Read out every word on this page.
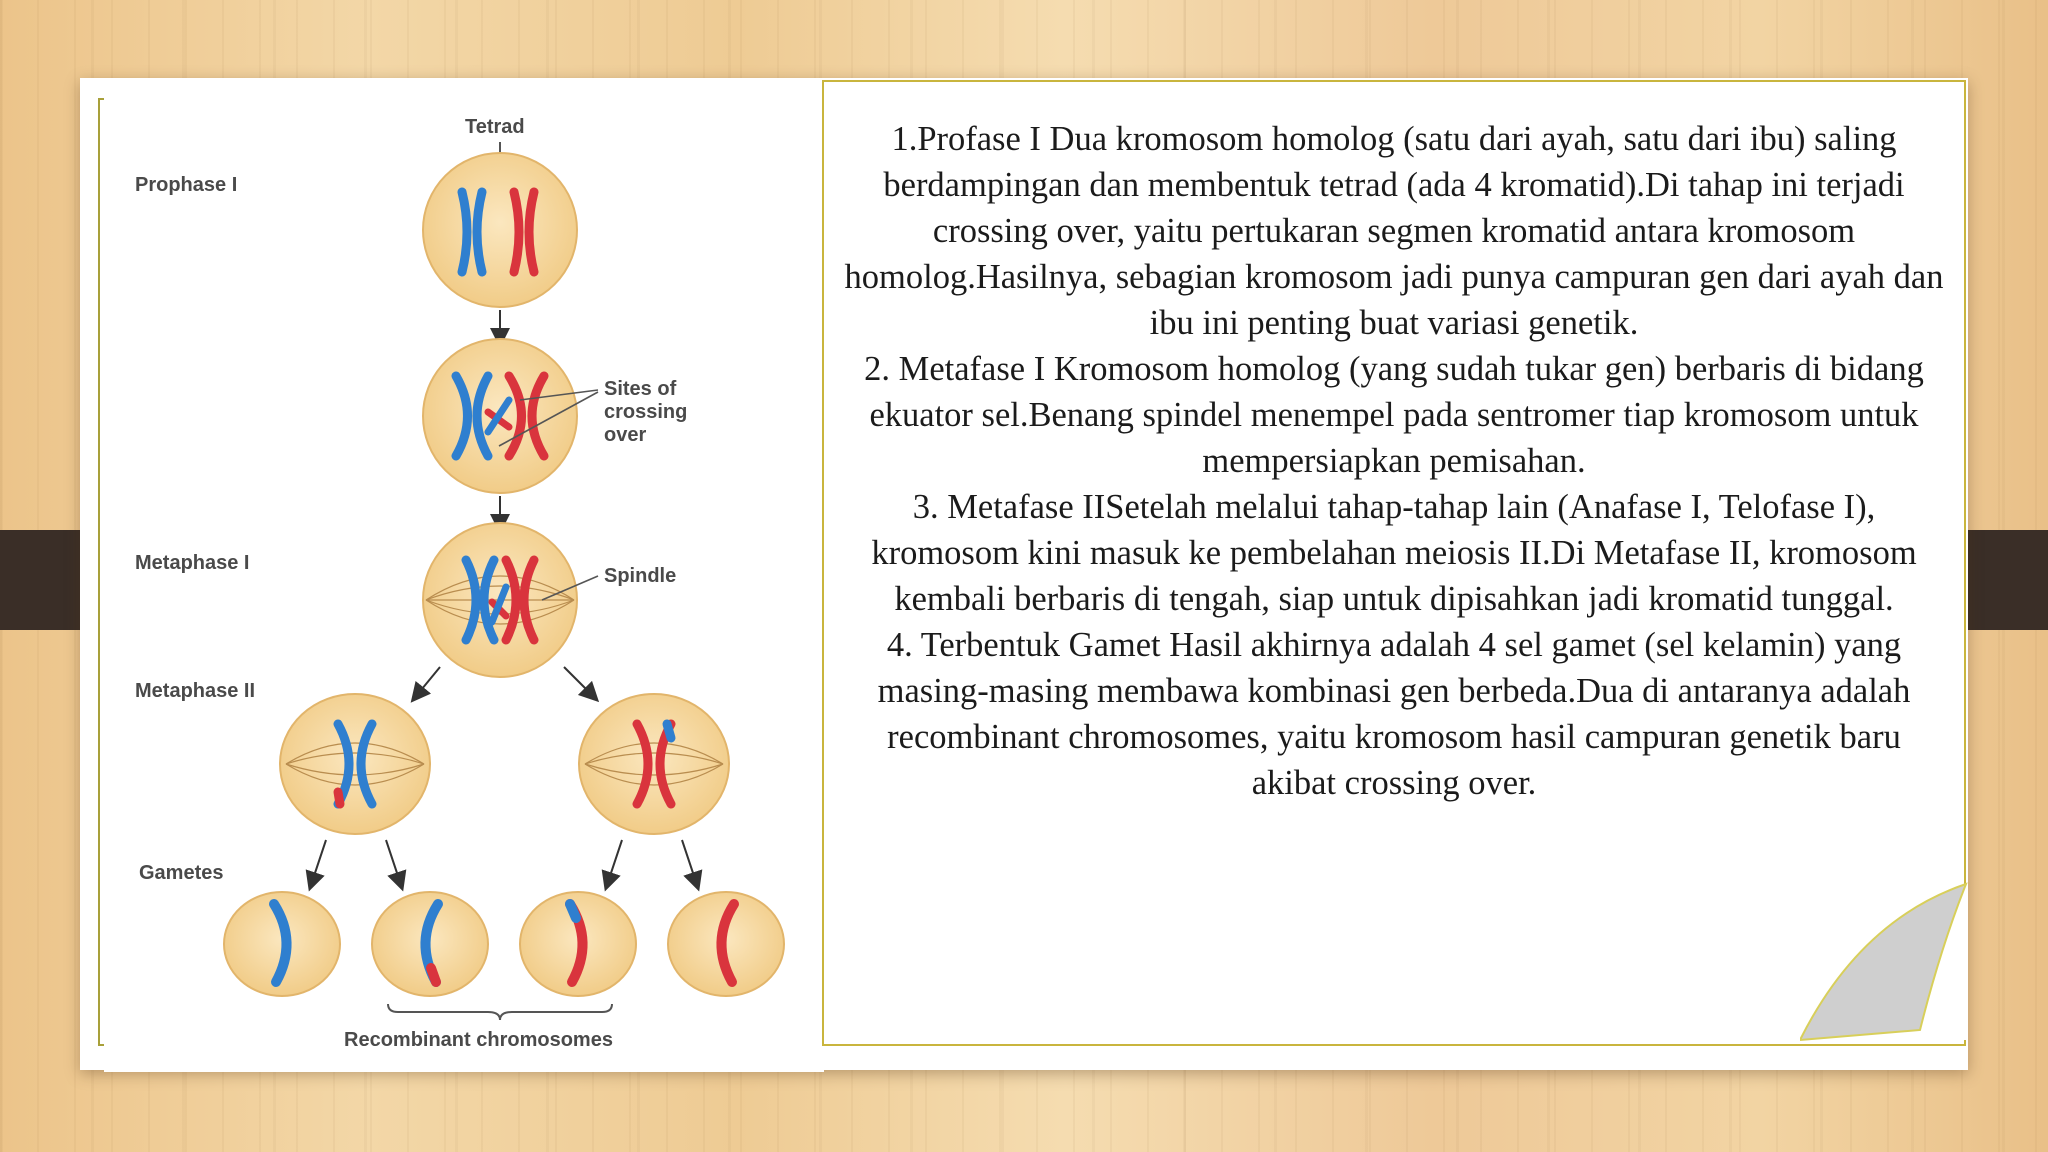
Prophase I
Tetrad
Metaphase I
Metaphase II
Gametes
Sites of
crossing
over
Spindle
Recombinant chromosomes

1.Profase I Dua kromosom homolog (satu dari ayah, satu dari ibu) saling berdampingan dan membentuk tetrad (ada 4 kromatid).Di tahap ini terjadi crossing over, yaitu pertukaran segmen kromatid antara kromosom homolog.Hasilnya, sebagian kromosom jadi punya campuran gen dari ayah dan ibu ini penting buat variasi genetik.

2. Metafase I Kromosom homolog (yang sudah tukar gen) berbaris di bidang ekuator sel.Benang spindel menempel pada sentromer tiap kromosom untuk mempersiapkan pemisahan.

3. Metafase IISetelah melalui tahap-tahap lain (Anafase I, Telofase I), kromosom kini masuk ke pembelahan meiosis II.Di Metafase II, kromosom kembali berbaris di tengah, siap untuk dipisahkan jadi kromatid tunggal.

4. Terbentuk Gamet Hasil akhirnya adalah 4 sel gamet (sel kelamin) yang masing-masing membawa kombinasi gen berbeda.Dua di antaranya adalah recombinant chromosomes, yaitu kromosom hasil campuran genetik baru akibat crossing over.
